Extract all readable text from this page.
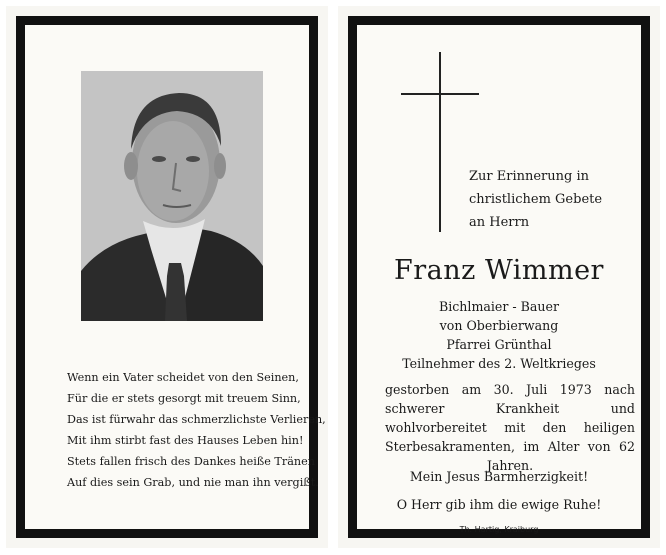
Wenn ein Vater scheidet von den Seinen,
Für die er stets gesorgt mit treuem Sinn,
Das ist fürwahr das schmerzlichste Verlieren,
Mit ihm stirbt fast des Hauses Leben hin!
Stets fallen frisch des Dankes heiße Tränen
Auf dies sein Grab, und nie man ihn vergißt.
Zur Erinnerung in
christlichem Gebete
an Herrn
Franz Wimmer
Bichlmaier - Bauer
von Oberbierwang
Pfarrei Grünthal
Teilnehmer des 2. Weltkrieges
gestorben am 30. Juli 1973 nach schwerer Krankheit und wohlvorbereitet mit den heiligen Sterbesakramenten, im Alter von 62 Jahren.
Mein Jesus Barmherzigkeit!
O Herr gib ihm die ewige Ruhe!
Th. Hartig, Kraiburg
